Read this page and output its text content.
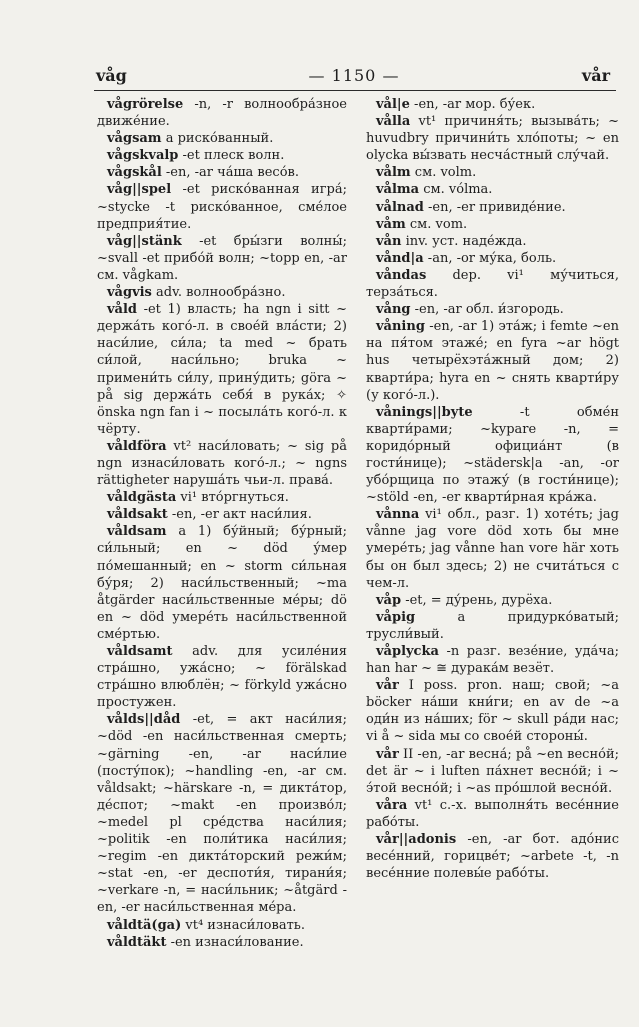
våg	— 1150 —	vår

vågrörelse -n, -r волнообра́зное движе́ние.

vågsam a риско́ванный.

vågskvalp -et плеск волн.

vågskål -en, -ar ча́ша весо́в.

våg||spel -et риско́ванная игра́; ~stycke -t риско́ванное, сме́лое предприя́тие.

våg||stänk -et бры́зги волны́; ~svall -et прибо́й волн; ~topp en, -ar см. vågkam.

vågvis adv. волнообра́зно.

våld -et 1) власть; ha ngn i sitt ~ держа́ть кого́-л. в свое́й вла́сти; 2) наси́лие, си́ла; ta med ~ брать си́лой, наси́льно; bruka ~ примени́ть си́лу, прину́дить; göra ~ på sig держа́ть себя́ в рука́х; ✧ önska ngn fan i ~ посыла́ть кого́-л. к чёрту.

våldföra vt² наси́ловать; ~ sig på ngn изнаси́ловать кого́-л.; ~ ngns rättigheter наруша́ть чьи-л. права́.

våldgästa vi¹ вто́ргнуться.

våldsakt -en, -er акт наси́лия.

våldsam a 1) бу́йный; бу́рный; си́льный; en ~ död у́мер по́мешанный; en ~ storm си́льная бу́ря; 2) наси́льственный; ~ma åtgärder наси́льственные ме́ры; dö en ~ död умере́ть наси́льственной сме́ртью.

våldsamt adv. для усиле́ния стра́шно, ужа́сно; ~ förälskad стра́шно влюблён; ~ förkyld ужа́сно простужен.

vålds||dåd -et, = акт наси́лия; ~död -en наси́льственная смерть; ~gärning -en, -ar наси́лие (посту́пок); ~handling -en, -ar см. våldsakt; ~härskare -n, = дикта́тор, де́спот; ~makt -en произво́л; ~medel pl сре́дства наси́лия; ~politik -en поли́тика наси́лия; ~regim -en дикта́торский режи́м; ~stat -en, -er деспоти́я, тирани́я; ~verkare -n, = наси́льник; ~åtgärd -en, -er наси́льственная ме́ра.

våldtä(ga) vt⁴ изнаси́ловать.

våldtäkt -en изнаси́лование.

vål|e -en, -ar мор. бу́ек.

vålla vt¹ причиня́ть; вызыва́ть; ~ huvudbry причини́ть хло́поты; ~ en olycka вы́звать несча́стный слу́чай.

vålm см. volm.

vålma см. vólma.

vålnad -en, -er привиде́ние.

våm см. vom.

vån inv. уст. наде́жда.

vånd|a -an, -or му́ка, боль.

våndas dep. vi¹ му́читься, терза́ться.

vång -en, -ar обл. и́згородь.

våning -en, -ar 1) эта́ж; i femte ~en на пя́том этаже́; en fyra ~ar högt hus четырёхэта́жный дом; 2) кварти́ра; hyra en ~ снять кварти́ру (у кого́-л.).

vånings||byte -t обме́н кварти́рами; ~kypare -n, = коридо́рный официа́нт (в гости́нице); ~städersk|a -an, -or убо́рщица по этажу́ (в гости́нице); ~stöld -en, -er кварти́рная кра́жа.

vånna vi¹ обл., разг. 1) хоте́ть; jag vånne jag vore död хоть бы мне умере́ть; jag vånne han vore här хоть бы он был здесь; 2) не счита́ться с чем-л.

våp -et, = ду́рень, дурёха.

våpig a придурко́ватый; трусли́вый.

våplycka -n разг. везе́ние, уда́ча; han har ~ ≅ дурака́м везёт.

vår I poss. pron. наш; свой; ~a böcker на́ши кни́ги; en av de ~a оди́н из на́ших; för ~ skull ра́ди нас; vi å ~ sida мы со свое́й стороны́.

vår II -en, -ar весна́; på ~en весно́й; det är ~ i luften па́хнет весно́й; i ~ э́той весно́й; i ~as про́шлой весно́й.

våra vt¹ с.-х. выполня́ть весе́нние рабо́ты.

vår||adonis -en, -ar бот. адо́нис весе́нний, горицве́т; ~arbete -t, -n весе́нние полевы́е рабо́ты.
